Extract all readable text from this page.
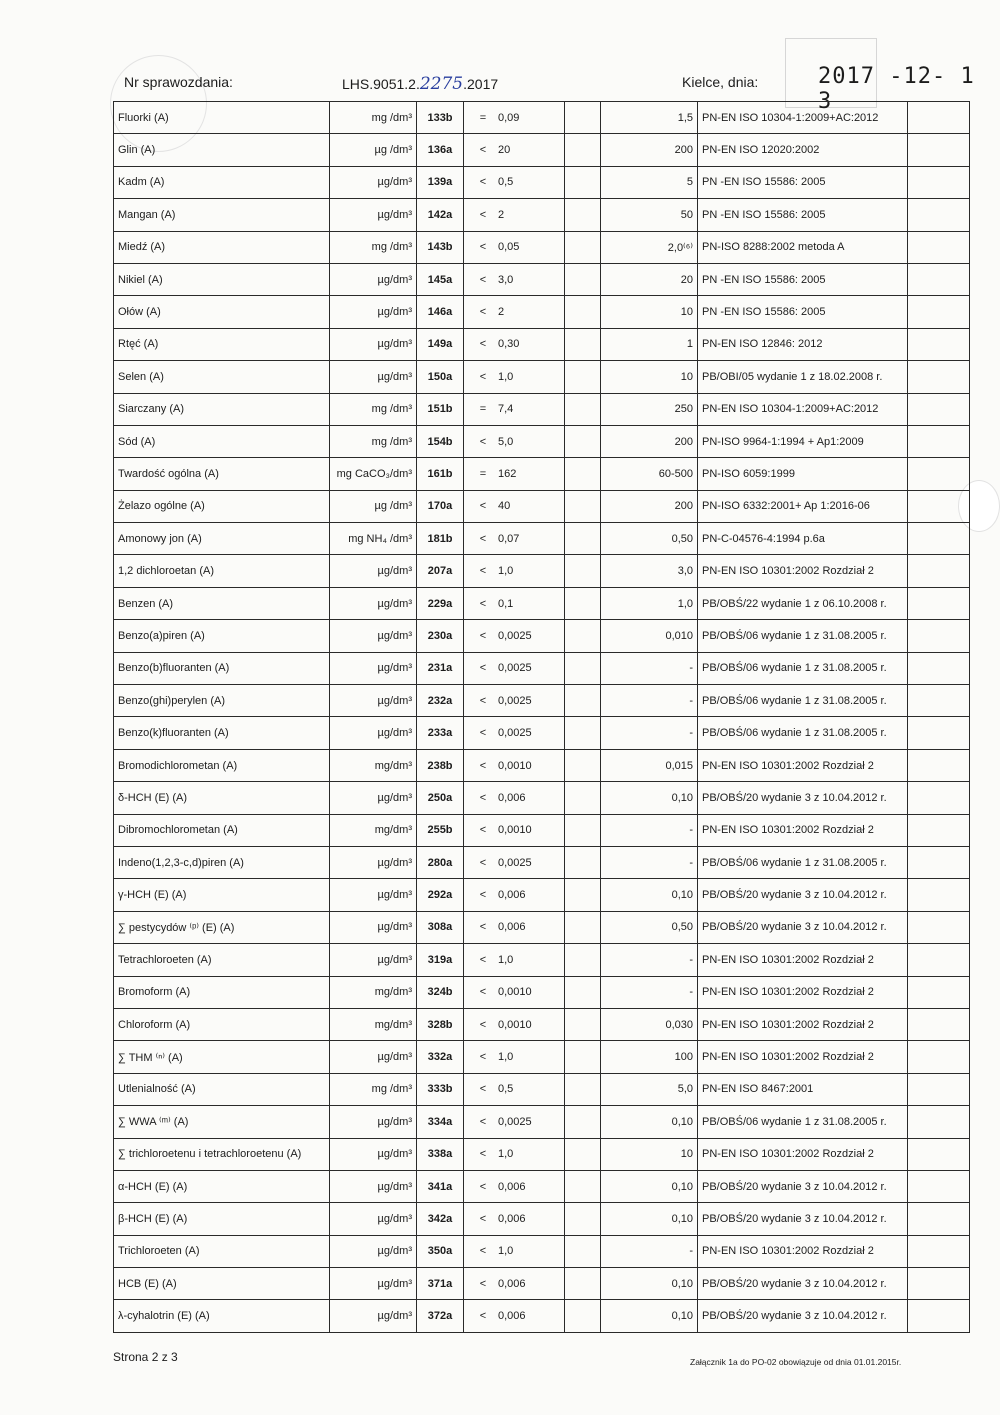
Nr sprawozdania:	LHS.9051.2.2275.2017	Kielce, dnia:	2017 -12- 1 3
Fluorki (A)	mg /dm³	133b	= 0,09		1,5	PN-EN ISO 10304-1:2009+AC:2012	
Glin (A)	µg /dm³	136a	< 20		200	PN-EN ISO 12020:2002	
Kadm (A)	µg/dm³	139a	< 0,5		5	PN -EN ISO 15586: 2005	
Mangan (A)	µg/dm³	142a	< 2		50	PN -EN ISO 15586: 2005	
Miedź (A)	mg /dm³	143b	< 0,05		2,0⁽⁶⁾	PN-ISO 8288:2002 metoda A	
Nikiel (A)	µg/dm³	145a	< 3,0		20	PN -EN ISO 15586: 2005	
Ołów (A)	µg/dm³	146a	< 2		10	PN -EN ISO 15586: 2005	
Rtęć (A)	µg/dm³	149a	< 0,30		1	PN-EN ISO 12846: 2012	
Selen (A)	µg/dm³	150a	< 1,0		10	PB/OBI/05 wydanie 1 z 18.02.2008 r.	
Siarczany (A)	mg /dm³	151b	= 7,4		250	PN-EN ISO 10304-1:2009+AC:2012	
Sód (A)	mg /dm³	154b	< 5,0		200	PN-ISO 9964-1:1994 + Ap1:2009	
Twardość ogólna (A)	mg CaCO₃/dm³	161b	= 162		60-500	PN-ISO 6059:1999	
Żelazo ogólne (A)	µg /dm³	170a	< 40		200	PN-ISO 6332:2001+ Ap 1:2016-06	
Amonowy jon (A)	mg NH₄ /dm³	181b	< 0,07		0,50	PN-C-04576-4:1994 p.6a	
1,2 dichloroetan (A)	µg/dm³	207a	< 1,0		3,0	PN-EN ISO 10301:2002 Rozdział 2	
Benzen (A)	µg/dm³	229a	< 0,1		1,0	PB/OBŚ/22 wydanie 1 z 06.10.2008 r.	
Benzo(a)piren (A)	µg/dm³	230a	< 0,0025		0,010	PB/OBŚ/06 wydanie 1 z 31.08.2005 r.	
Benzo(b)fluoranten (A)	µg/dm³	231a	< 0,0025		-	PB/OBŚ/06 wydanie 1 z 31.08.2005 r.	
Benzo(ghi)perylen (A)	µg/dm³	232a	< 0,0025		-	PB/OBŚ/06 wydanie 1 z 31.08.2005 r.	
Benzo(k)fluoranten (A)	µg/dm³	233a	< 0,0025		-	PB/OBŚ/06 wydanie 1 z 31.08.2005 r.	
Bromodichlorometan (A)	mg/dm³	238b	< 0,0010		0,015	PN-EN ISO 10301:2002 Rozdział 2	
δ-HCH (E) (A)	µg/dm³	250a	< 0,006		0,10	PB/OBŚ/20 wydanie 3 z 10.04.2012 r.	
Dibromochlorometan (A)	mg/dm³	255b	< 0,0010		-	PN-EN ISO 10301:2002 Rozdział 2	
Indeno(1,2,3-c,d)piren (A)	µg/dm³	280a	< 0,0025		-	PB/OBŚ/06 wydanie 1 z 31.08.2005 r.	
γ-HCH (E) (A)	µg/dm³	292a	< 0,006		0,10	PB/OBŚ/20 wydanie 3 z 10.04.2012 r.	
∑ pestycydów ⁽ᵖ⁾ (E) (A)	µg/dm³	308a	< 0,006		0,50	PB/OBŚ/20 wydanie 3 z 10.04.2012 r.	
Tetrachloroeten (A)	µg/dm³	319a	< 1,0		-	PN-EN ISO 10301:2002 Rozdział 2	
Bromoform (A)	mg/dm³	324b	< 0,0010		-	PN-EN ISO 10301:2002 Rozdział 2	
Chloroform (A)	mg/dm³	328b	< 0,0010		0,030	PN-EN ISO 10301:2002 Rozdział 2	
∑ THM ⁽ⁿ⁾ (A)	µg/dm³	332a	< 1,0		100	PN-EN ISO 10301:2002 Rozdział 2	
Utlenialność (A)	mg /dm³	333b	< 0,5		5,0	PN-EN ISO 8467:2001	
∑ WWA ⁽ᵐ⁾ (A)	µg/dm³	334a	< 0,0025		0,10	PB/OBŚ/06 wydanie 1 z 31.08.2005 r.	
∑ trichloroetenu i tetrachloroetenu (A)	µg/dm³	338a	< 1,0		10	PN-EN ISO 10301:2002 Rozdział 2	
α-HCH (E) (A)	µg/dm³	341a	< 0,006		0,10	PB/OBŚ/20 wydanie 3 z 10.04.2012 r.	
β-HCH (E) (A)	µg/dm³	342a	< 0,006		0,10	PB/OBŚ/20 wydanie 3 z 10.04.2012 r.	
Trichloroeten (A)	µg/dm³	350a	< 1,0		-	PN-EN ISO 10301:2002 Rozdział 2	
HCB (E) (A)	µg/dm³	371a	< 0,006		0,10	PB/OBŚ/20 wydanie 3 z 10.04.2012 r.	
λ-cyhalotrin (E) (A)	µg/dm³	372a	< 0,006		0,10	PB/OBŚ/20 wydanie 3 z 10.04.2012 r.	
Strona 2 z 3	Załącznik 1a do PO-02 obowiązuje od dnia 01.01.2015r.
